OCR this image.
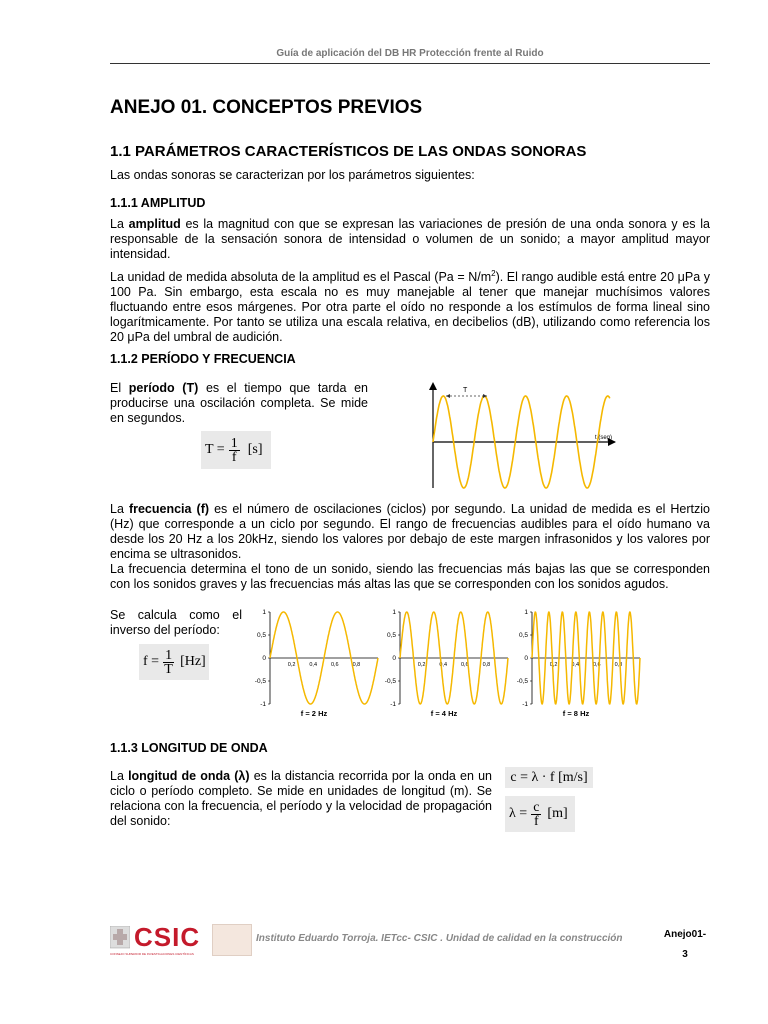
Guía de aplicación del DB HR Protección frente al Ruido
ANEJO 01. CONCEPTOS PREVIOS
1.1 PARÁMETROS CARACTERÍSTICOS DE LAS ONDAS SONORAS

Las ondas sonoras se caracterizan por los parámetros siguientes:

1.1.1 AMPLITUD

La amplitud es la magnitud con que se expresan las variaciones de presión de una onda sonora y es la responsable de la sensación sonora de intensidad o volumen de un sonido; a mayor amplitud mayor intensidad.

La unidad de medida absoluta de la amplitud es el Pascal $(Pa = N/m^2)$. El rango audible está entre 20 μPa y 100 Pa. Sin embargo, esta escala no es muy manejable al tener que manejar muchísimos valores fluctuando entre esos márgenes. Por otra parte el oído no responde a los estímulos de forma lineal sino logarítmicamente. Por tanto se utiliza una escala relativa, en decibelios (dB), utilizando como referencia los 20 μPa del umbral de audición.

1.1.2 PERÍODO Y FRECUENCIA

El período (T) es el tiempo que tarda en producirse una oscilación completa. Se mide en segundos.

$T = \frac{1}{f} [s]$
T
t (seg)

La frecuencia (f) es el número de oscilaciones (ciclos) por segundo. La unidad de medida es el Hertzio (Hz) que corresponde a un ciclo por segundo. El rango de frecuencias audibles para el oído humano va desde los 20 Hz a los 20kHz, siendo los valores por debajo de este margen infrasonidos y los valores por encima se ultrasonidos.

La frecuencia determina el tono de un sonido, siendo las frecuencias más bajas las que se corresponden con los sonidos graves y las frecuencias más altas las que se corresponden con los sonidos agudos.

Se calcula como el inverso del período:

$f = \frac{1}{T} [Hz]$
1
0,5
0
-0,5
-1
0,2	0,4	0,6	0,8
f = 2 Hz
1
0,5
0
-0,5
-1
0,2	0,4	0,6	0,8
f = 4 Hz
1
0,5
0
-0,5
-1
0,2	0,4	0,6	0,8
f = 8 Hz
1.1.3 LONGITUD DE ONDA

La longitud de onda (λ) es la distancia recorrida por la onda en un ciclo o período completo. Se mide en unidades de longitud (m). Se relaciona con la frecuencia, el período y la velocidad de propagación del sonido:

c = λ · f [m/s]
$\lambda = \frac{c}{f} [m]$
CSIC
CONSEJO SUPERIOR DE INVESTIGACIONES CIENTÍFICAS
Instituto Eduardo Torroja. IETcc- CSIC . Unidad de calidad en la construcción	Anejo01-
3
